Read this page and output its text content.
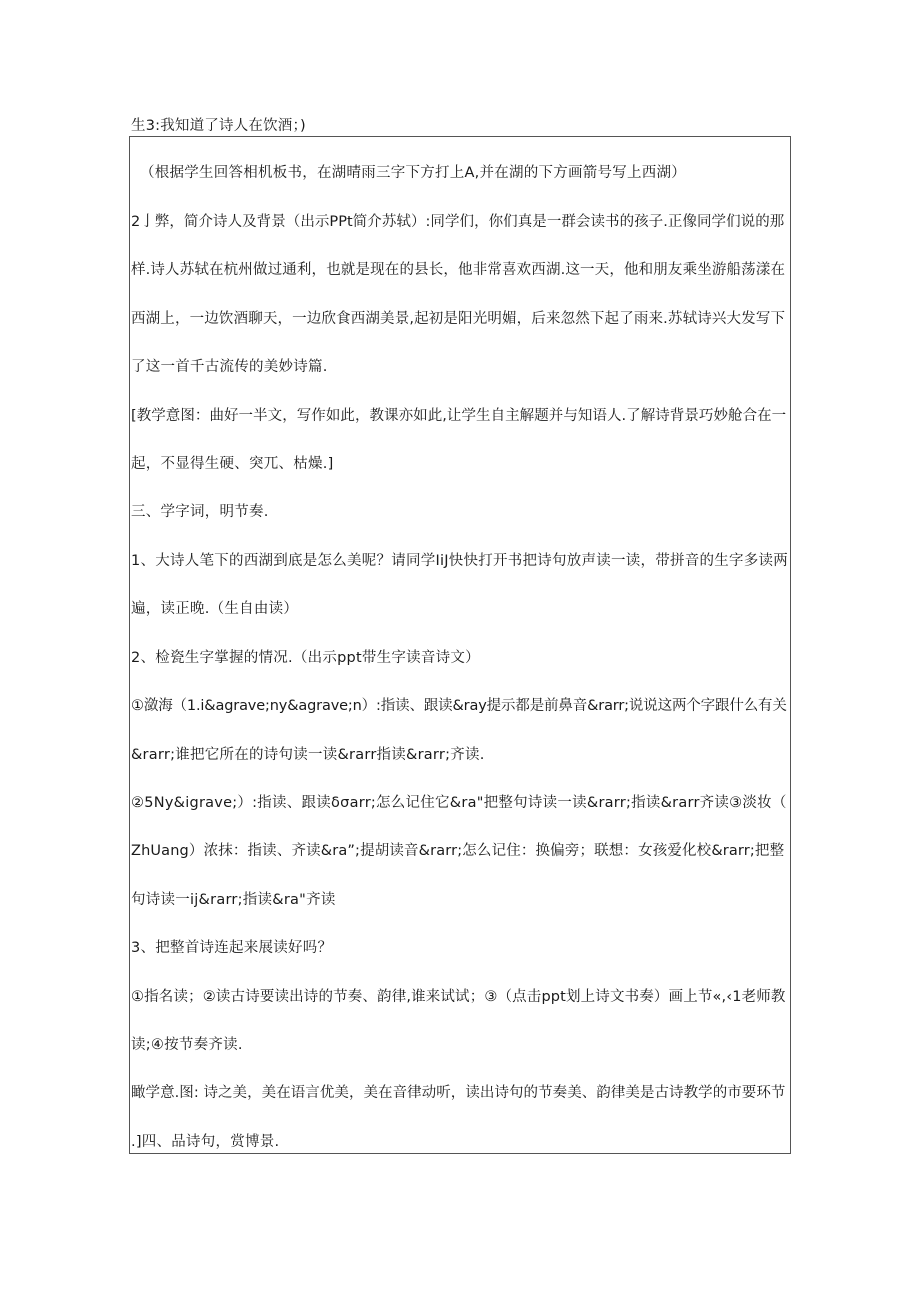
生3:我知道了诗人在饮酒；)
（根据学生回答相机板书，在湖晴雨三字下方打上A,并在湖的下方画箭号写上西湖）
2亅弊，简介诗人及背景（出示PPt简介苏轼）:同学们，你们真是一群会读书的孩子.正像同学们说的那
样.诗人苏轼在杭州做过通利，也就是现在的县长，他非常喜欢西湖.这一天，他和朋友乘坐游船荡漾在
西湖上，一边饮酒聊天，一边欣食西湖美景,起初是阳光明媚，后来忽然下起了雨来.苏轼诗兴大发写下
了这一首千古流传的美妙诗篇.
[教学意图：曲好一半文，写作如此，教课亦如此,让学生自主解题并与知语人.了解诗背景巧妙舱合在一
起，不显得生硬、突兀、枯燥.]
三、学字词，明节奏.
1、大诗人笔下的西湖到底是怎么美呢？请同学IiJ快快打开书把诗句放声读一读，带拼音的生字多读两
遍，读正晚.（生自由读）
2、检瓷生字掌握的情况.（出示ppt带生字读音诗文）
①潋海（1.i&agrave;ny&agrave;n）:指读、跟读&ray提示都是前鼻音&rarr;说说这两个字跟什么有关
&rarr;谁把它所在的诗句读一读&rarr指读&rarr;齐读.
②5Ny&igrave;）:指读、跟读δσarr;怎么记住它&ra"把整句诗读一读&rarr;指读&rarr齐读③淡妆（
ZhUang）浓抹：指读、齐读&ra”;提胡读音&rarr;怎么记住：换偏旁；联想：女孩爱化校&rarr;把整
句诗读一ij&rarr;指读&ra"齐读
3、把整首诗连起来展读好吗？
①指名读；②读古诗要读出诗的节奏、韵律,谁来试试；③（点击ppt划上诗文书奏）画上节«,‹1老师教
读;④按节奏齐读.
瞰学意.图: 诗之美，美在语言优美，美在音律动听，读出诗句的节奏美、韵律美是古诗教学的市要环节
.]四、品诗句，赏博景.
